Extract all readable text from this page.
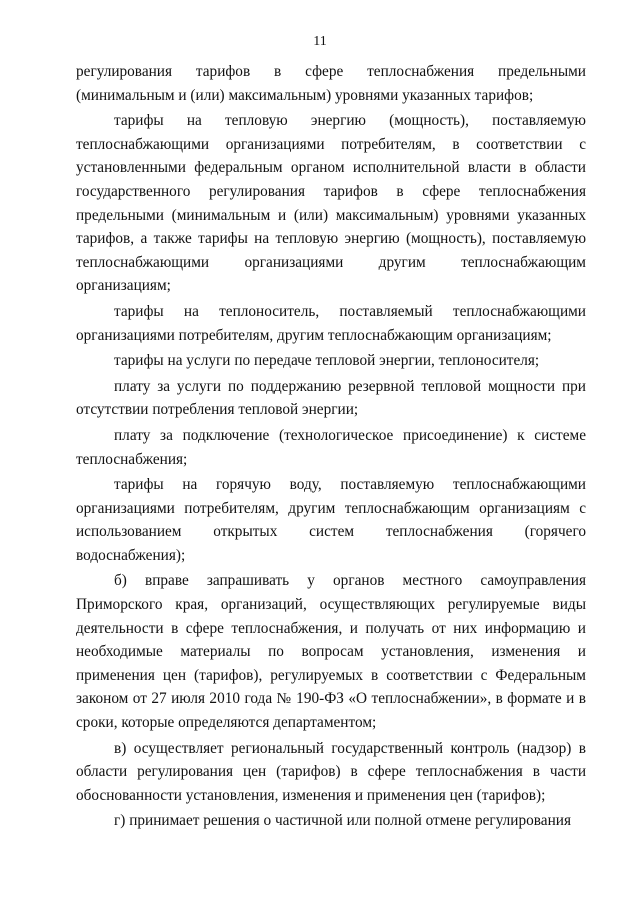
11

регулирования тарифов в сфере теплоснабжения предельными (минимальным и (или) максимальным) уровнями указанных тарифов;

тарифы на тепловую энергию (мощность), поставляемую теплоснабжающими организациями потребителям, в соответствии с установленными федеральным органом исполнительной власти в области государственного регулирования тарифов в сфере теплоснабжения предельными (минимальным и (или) максимальным) уровнями указанных тарифов, а также тарифы на тепловую энергию (мощность), поставляемую теплоснабжающими организациями другим теплоснабжающим организациям;

тарифы на теплоноситель, поставляемый теплоснабжающими организациями потребителям, другим теплоснабжающим организациям;

тарифы на услуги по передаче тепловой энергии, теплоносителя;

плату за услуги по поддержанию резервной тепловой мощности при отсутствии потребления тепловой энергии;

плату за подключение (технологическое присоединение) к системе теплоснабжения;

тарифы на горячую воду, поставляемую теплоснабжающими организациями потребителям, другим теплоснабжающим организациям с использованием открытых систем теплоснабжения (горячего водоснабжения);

б) вправе запрашивать у органов местного самоуправления Приморского края, организаций, осуществляющих регулируемые виды деятельности в сфере теплоснабжения, и получать от них информацию и необходимые материалы по вопросам установления, изменения и применения цен (тарифов), регулируемых в соответствии с Федеральным законом от 27 июля 2010 года № 190-ФЗ «О теплоснабжении», в формате и в сроки, которые определяются департаментом;

в) осуществляет региональный государственный контроль (надзор) в области регулирования цен (тарифов) в сфере теплоснабжения в части обоснованности установления, изменения и применения цен (тарифов);

г) принимает решения о частичной или полной отмене регулирования
